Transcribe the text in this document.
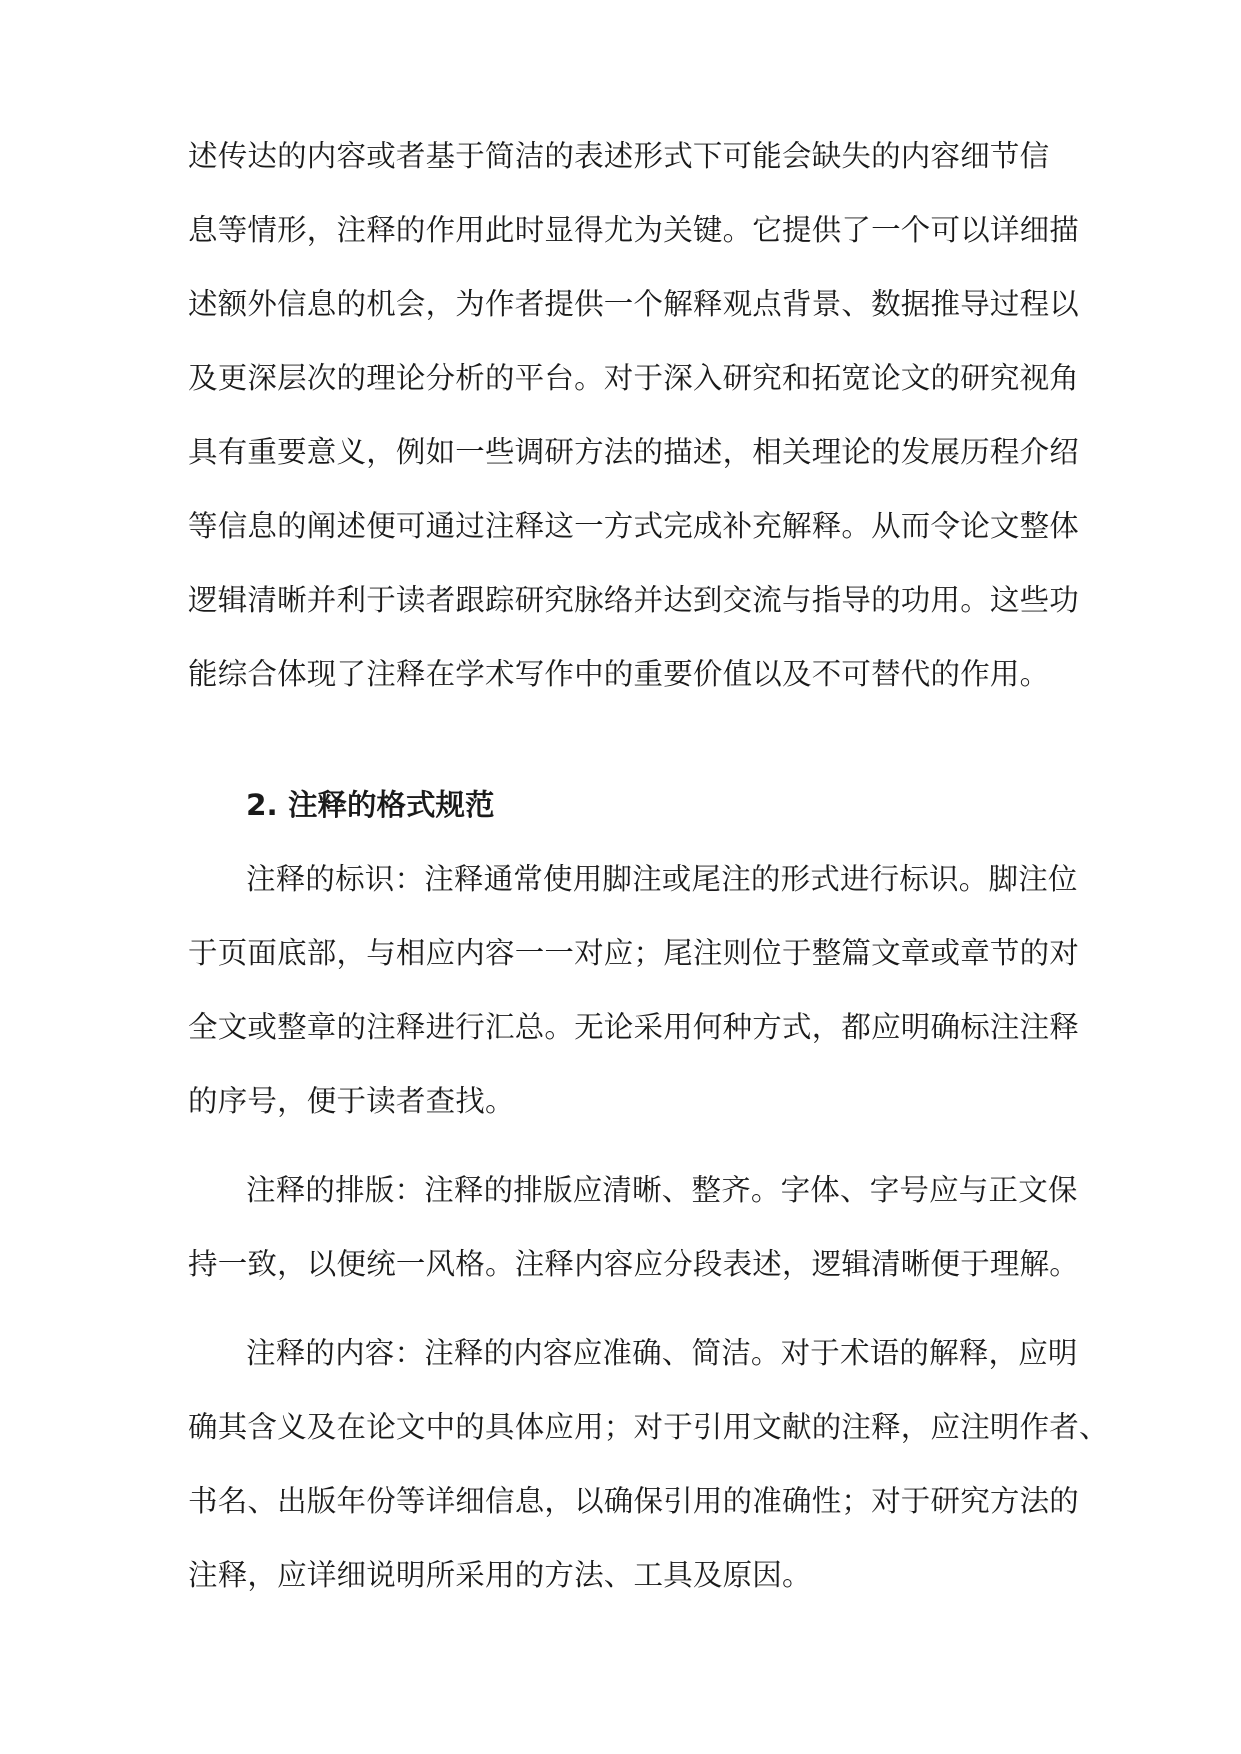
述传达的内容或者基于简洁的表述形式下可能会缺失的内容细节信
息等情形，注释的作用此时显得尤为关键。它提供了一个可以详细描
述额外信息的机会，为作者提供一个解释观点背景、数据推导过程以
及更深层次的理论分析的平台。对于深入研究和拓宽论文的研究视角
具有重要意义，例如一些调研方法的描述，相关理论的发展历程介绍
等信息的阐述便可通过注释这一方式完成补充解释。从而令论文整体
逻辑清晰并利于读者跟踪研究脉络并达到交流与指导的功用。这些功
能综合体现了注释在学术写作中的重要价值以及不可替代的作用。
2. 注释的格式规范
注释的标识：注释通常使用脚注或尾注的形式进行标识。脚注位
于页面底部，与相应内容一一对应；尾注则位于整篇文章或章节的对
全文或整章的注释进行汇总。无论采用何种方式，都应明确标注注释
的序号，便于读者查找。
注释的排版：注释的排版应清晰、整齐。字体、字号应与正文保
持一致，以便统一风格。注释内容应分段表述，逻辑清晰便于理解。
注释的内容：注释的内容应准确、简洁。对于术语的解释，应明
确其含义及在论文中的具体应用；对于引用文献的注释，应注明作者、
书名、出版年份等详细信息，以确保引用的准确性；对于研究方法的
注释，应详细说明所采用的方法、工具及原因。
